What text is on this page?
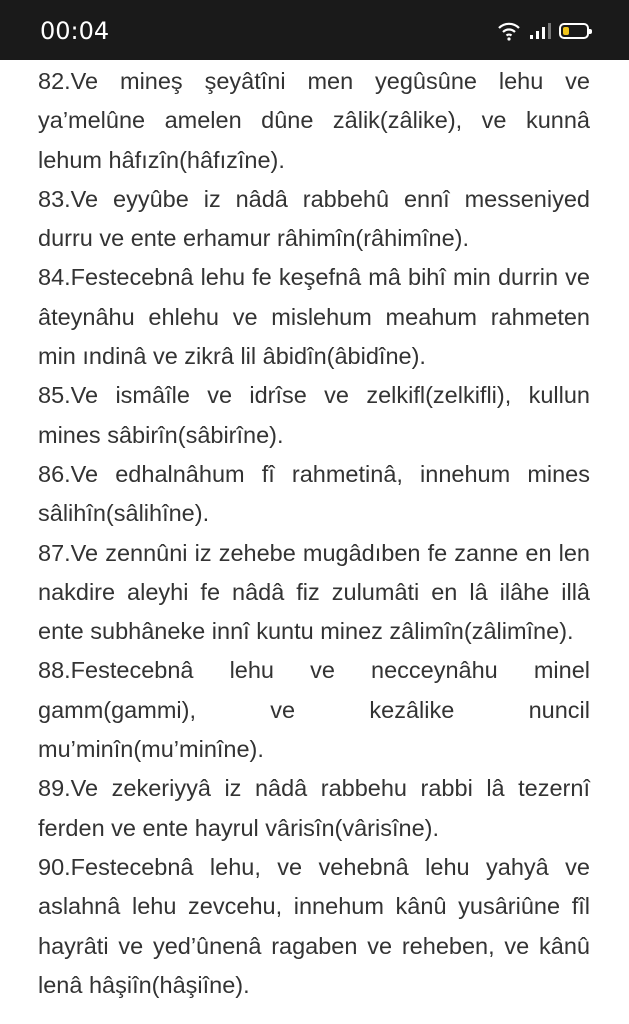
00:04

82.Ve mineş şeyâtîni men yegûsûne lehu ve ya’melûne amelen dûne zâlik(zâlike), ve kunnâ lehum hâfızîn(hâfızîne).

83.Ve eyyûbe iz nâdâ rabbehû ennî messeniyed durru ve ente erhamur râhimîn(râhimîne).

84.Festecebnâ lehu fe keşefnâ mâ bihî min durrin ve âteynâhu ehlehu ve mislehum meahum rahmeten min ındinâ ve zikrâ lil âbidîn(âbidîne).

85.Ve ismâîle ve idrîse ve zelkifl(zelkifli), kullun mines sâbirîn(sâbirîne).

86.Ve edhalnâhum fî rahmetinâ, innehum mines sâlihîn(sâlihîne).

87.Ve zennûni iz zehebe mugâdıben fe zanne en len nakdire aleyhi fe nâdâ fiz zulumâti en lâ ilâhe illâ ente subhâneke innî kuntu minez zâlimîn(zâlimîne).

88.Festecebnâ lehu ve necceynâhu minel gamm(gammi), ve kezâlike nuncil mu’minîn(mu’minîne).

89.Ve zekeriyyâ iz nâdâ rabbehu rabbi lâ tezernî ferden ve ente hayrul vârisîn(vârisîne).

90.Festecebnâ lehu, ve vehebnâ lehu yahyâ ve aslahnâ lehu zevcehu, innehum kânû yusâriûne fîl hayrâti ve yed’ûnenâ ragaben ve reheben, ve kânû lenâ hâşiîn(hâşiîne).
